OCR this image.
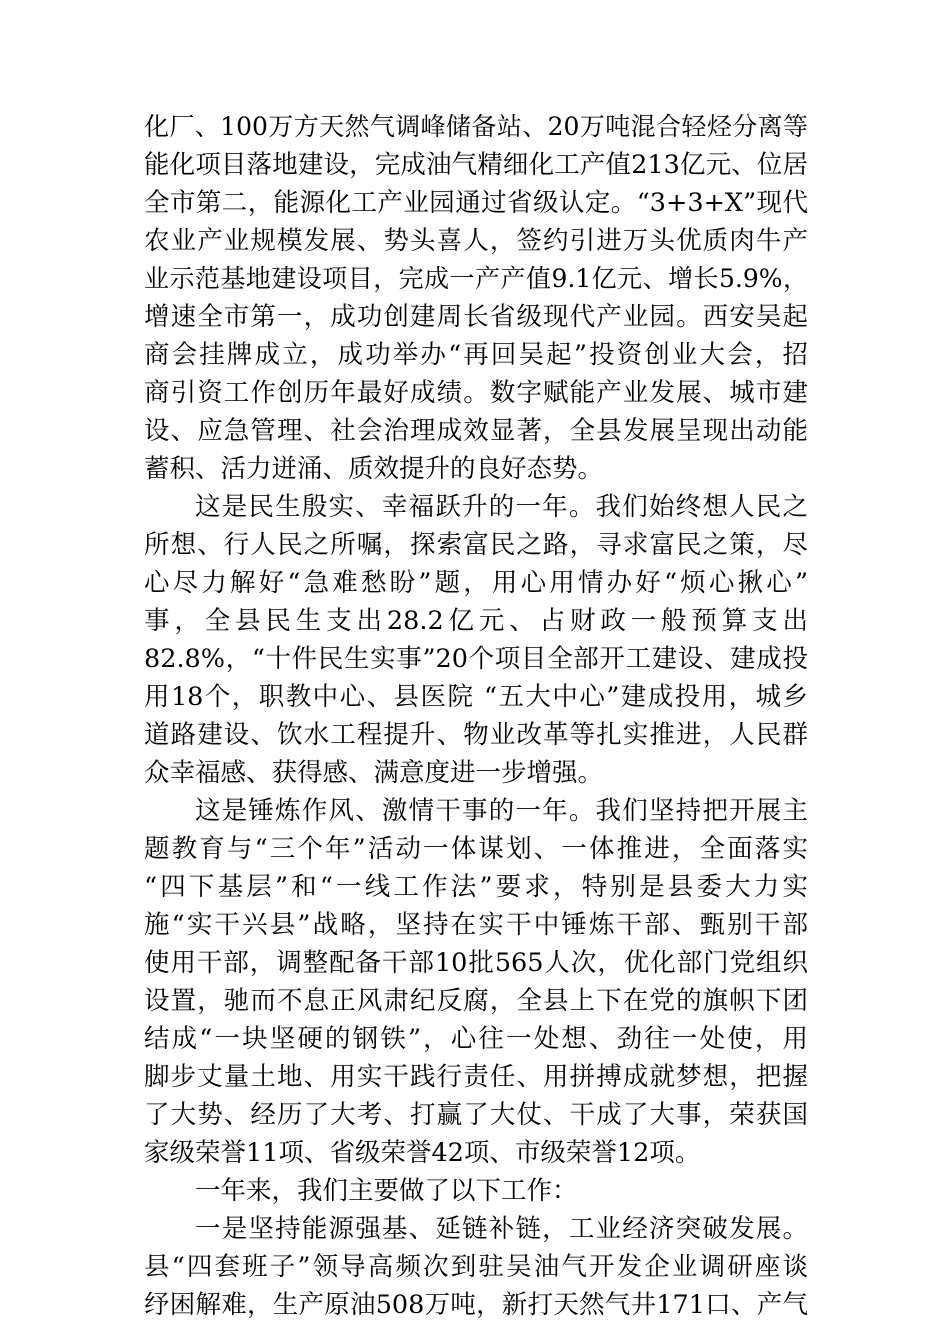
化厂、100万方天然气调峰储备站、20万吨混合轻烃分离等
能化项目落地建设，完成油气精细化工产值213亿元、位居
全市第二，能源化工产业园通过省级认定。“3+3+X”现代
农业产业规模发展、势头喜人，签约引进万头优质肉牛产
业示范基地建设项目，完成一产产值9.1亿元、增长5.9%，
增速全市第一，成功创建周长省级现代产业园。西安吴起
商会挂牌成立，成功举办“再回吴起”投资创业大会，招
商引资工作创历年最好成绩。数字赋能产业发展、城市建
设、应急管理、社会治理成效显著，全县发展呈现出动能
蓄积、活力迸涌、质效提升的良好态势。
这是民生殷实、幸福跃升的一年。我们始终想人民之
所想、行人民之所嘱，探索富民之路，寻求富民之策，尽
心尽力解好“急难愁盼”题，用心用情办好“烦心揪心”
事，全县民生支出28.2亿元、占财政一般预算支出
82.8%，“十件民生实事”20个项目全部开工建设、建成投
用18个，职教中心、县医院 “五大中心”建成投用，城乡
道路建设、饮水工程提升、物业改革等扎实推进，人民群
众幸福感、获得感、满意度进一步增强。
这是锤炼作风、激情干事的一年。我们坚持把开展主
题教育与“三个年”活动一体谋划、一体推进，全面落实
“四下基层”和“一线工作法”要求，特别是县委大力实
施“实干兴县”战略，坚持在实干中锤炼干部、甄别干部
使用干部，调整配备干部10批565人次，优化部门党组织
设置，驰而不息正风肃纪反腐，全县上下在党的旗帜下团
结成“一块坚硬的钢铁”，心往一处想、劲往一处使，用
脚步丈量土地、用实干践行责任、用拼搏成就梦想，把握
了大势、经历了大考、打赢了大仗、干成了大事，荣获国
家级荣誉11项、省级荣誉42项、市级荣誉12项。
一年来，我们主要做了以下工作：
一是坚持能源强基、延链补链，工业经济突破发展。
县“四套班子”领导高频次到驻吴油气开发企业调研座谈
纾困解难，生产原油508万吨，新打天然气井171口、产气
